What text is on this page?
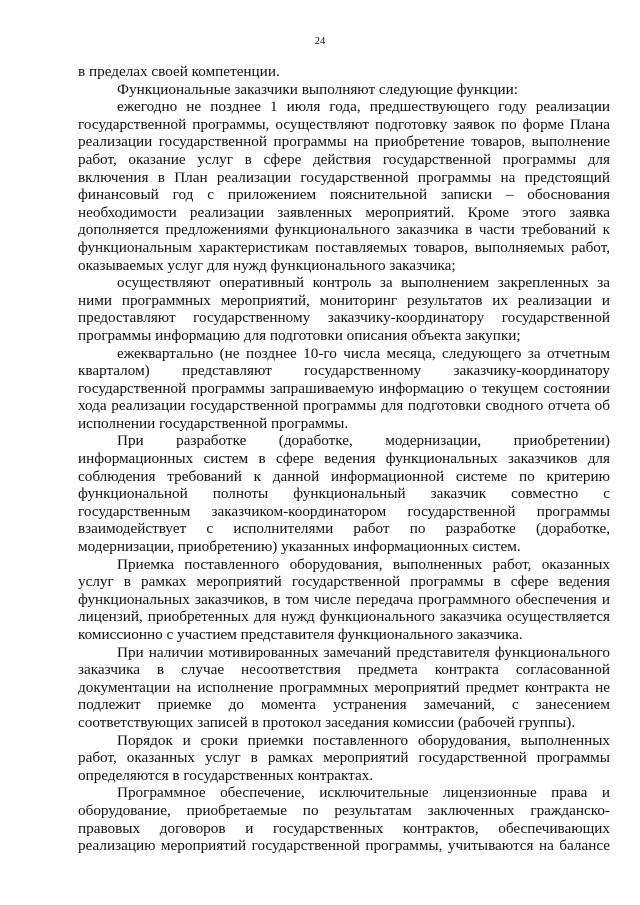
24

в пределах своей компетенции.

Функциональные заказчики выполняют следующие функции:

ежегодно не позднее 1 июля года, предшествующего году реализации государственной программы, осуществляют подготовку заявок по форме Плана реализации государственной программы на приобретение товаров, выполнение работ, оказание услуг в сфере действия государственной программы для включения в План реализации государственной программы на предстоящий финансовый год с приложением пояснительной записки – обоснования необходимости реализации заявленных мероприятий. Кроме этого заявка дополняется предложениями функционального заказчика в части требований к функциональным характеристикам поставляемых товаров, выполняемых работ, оказываемых услуг для нужд функционального заказчика;

осуществляют оперативный контроль за выполнением закрепленных за ними программных мероприятий, мониторинг результатов их реализации и предоставляют государственному заказчику-координатору государственной программы информацию для подготовки описания объекта закупки;

ежеквартально (не позднее 10-го числа месяца, следующего за отчетным кварталом) представляют государственному заказчику-координатору государственной программы запрашиваемую информацию о текущем состоянии хода реализации государственной программы для подготовки сводного отчета об исполнении государственной программы.

При разработке (доработке, модернизации, приобретении) информационных систем в сфере ведения функциональных заказчиков для соблюдения требований к данной информационной системе по критерию функциональной полноты функциональный заказчик совместно с государственным заказчиком-координатором государственной программы взаимодействует с исполнителями работ по разработке (доработке, модернизации, приобретению) указанных информационных систем.

Приемка поставленного оборудования, выполненных работ, оказанных услуг в рамках мероприятий государственной программы в сфере ведения функциональных заказчиков, в том числе передача программного обеспечения и лицензий, приобретенных для нужд функционального заказчика осуществляется комиссионно с участием представителя функционального заказчика.

При наличии мотивированных замечаний представителя функционального заказчика в случае несоответствия предмета контракта согласованной документации на исполнение программных мероприятий предмет контракта не подлежит приемке до момента устранения замечаний, с занесением соответствующих записей в протокол заседания комиссии (рабочей группы).

Порядок и сроки приемки поставленного оборудования, выполненных работ, оказанных услуг в рамках мероприятий государственной программы определяются в государственных контрактах.

Программное обеспечение, исключительные лицензионные права и оборудование, приобретаемые по результатам заключенных гражданско-правовых договоров и государственных контрактов, обеспечивающих реализацию мероприятий государственной программы, учитываются на балансе
